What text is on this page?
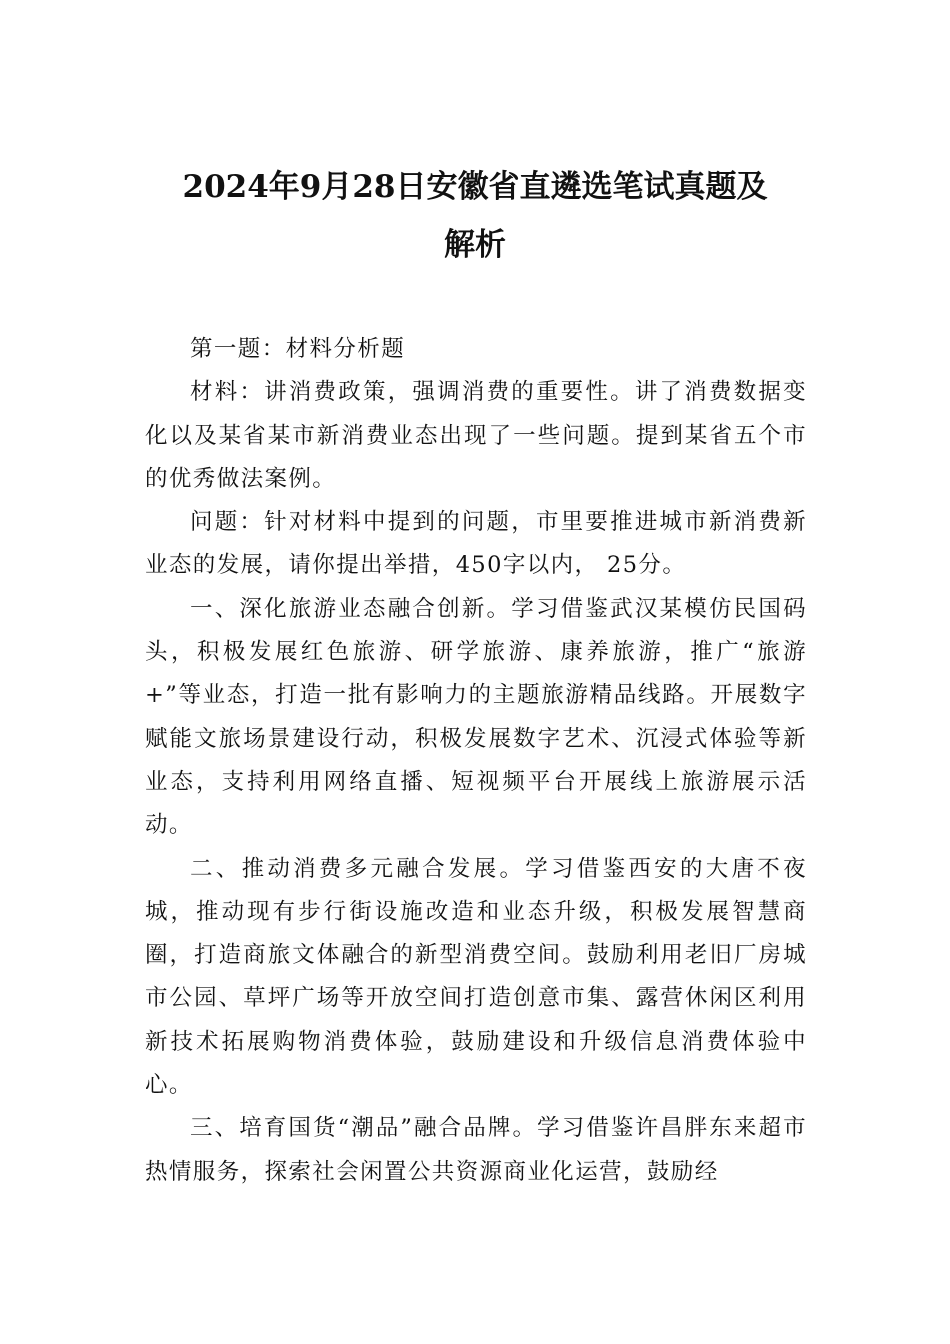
2024年9月28日安徽省直遴选笔试真题及
解析

第一题：材料分析题

材料：讲消费政策，强调消费的重要性。讲了消费数据变化以及某省某市新消费业态出现了一些问题。提到某省五个市的优秀做法案例。

问题：针对材料中提到的问题，市里要推进城市新消费新业态的发展，请你提出举措，450字以内， 25分。

一、深化旅游业态融合创新。学习借鉴武汉某模仿民国码头，积极发展红色旅游、研学旅游、康养旅游，推广“旅游+”等业态，打造一批有影响力的主题旅游精品线路。开展数字赋能文旅场景建设行动，积极发展数字艺术、沉浸式体验等新业态，支持利用网络直播、短视频平台开展线上旅游展示活动。

二、推动消费多元融合发展。学习借鉴西安的大唐不夜城，推动现有步行街设施改造和业态升级，积极发展智慧商圈，打造商旅文体融合的新型消费空间。鼓励利用老旧厂房城市公园、草坪广场等开放空间打造创意市集、露营休闲区利用新技术拓展购物消费体验，鼓励建设和升级信息消费体验中心。

三、培育国货“潮品”融合品牌。学习借鉴许昌胖东来超市热情服务，探索社会闲置公共资源商业化运营，鼓励经
